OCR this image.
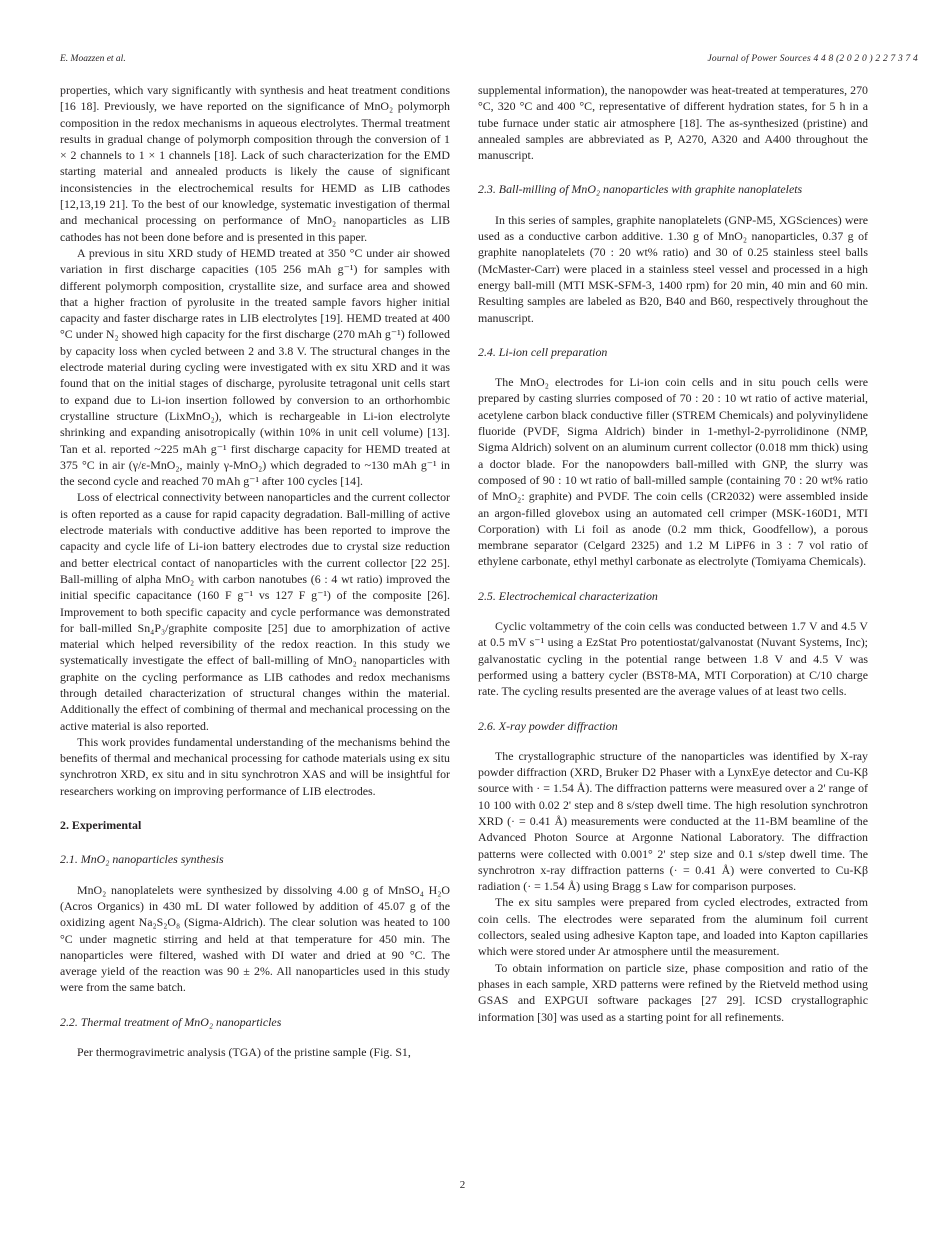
E. Moazzen et al.	Journal of Power Sources 4 4 8 (2 0 2 0 ) 2 2 7 3 7 4

properties, which vary significantly with synthesis and heat treatment conditions [16 18]. Previously, we have reported on the significance of MnO₂ polymorph composition in the redox mechanisms in aqueous electrolytes. Thermal treatment results in gradual change of polymorph composition through the conversion of 1 × 2 channels to 1 × 1 channels [18]. Lack of such characterization for the EMD starting material and annealed products is likely the cause of significant inconsistencies in the electrochemical results for HEMD as LIB cathodes [12,13,19 21]. To the best of our knowledge, systematic investigation of thermal and mechanical processing on performance of MnO₂ nanoparticles as LIB cathodes has not been done before and is presented in this paper.

A previous in situ XRD study of HEMD treated at 350 °C under air showed variation in first discharge capacities (105 256 mAh g⁻¹) for samples with different polymorph composition, crystallite size, and surface area and showed that a higher fraction of pyrolusite in the treated sample favors higher initial capacity and faster discharge rates in LIB electrolytes [19]. HEMD treated at 400 °C under N₂ showed high capacity for the first discharge (270 mAh g⁻¹) followed by capacity loss when cycled between 2 and 3.8 V. The structural changes in the electrode material during cycling were investigated with ex situ XRD and it was found that on the initial stages of discharge, pyrolusite tetragonal unit cells start to expand due to Li-ion insertion followed by conversion to an orthorhombic crystalline structure (LixMnO₂), which is rechargeable in Li-ion electrolyte shrinking and expanding anisotropically (within 10% in unit cell volume) [13]. Tan et al. reported ~225 mAh g⁻¹ first discharge capacity for HEMD treated at 375 °C in air (γ/ε-MnO₂, mainly γ-MnO₂) which degraded to ~130 mAh g⁻¹ in the second cycle and reached 70 mAh g⁻¹ after 100 cycles [14].

Loss of electrical connectivity between nanoparticles and the current collector is often reported as a cause for rapid capacity degradation. Ball-milling of active electrode materials with conductive additive has been reported to improve the capacity and cycle life of Li-ion battery electrodes due to crystal size reduction and better electrical contact of nanoparticles with the current collector [22 25]. Ball-milling of alpha MnO₂ with carbon nanotubes (6 : 4 wt ratio) improved the initial specific capacitance (160 F g⁻¹ vs 127 F g⁻¹) of the composite [26]. Improvement to both specific capacity and cycle performance was demonstrated for ball-milled Sn₄P₃/graphite composite [25] due to amorphization of active material which helped reversibility of the redox reaction. In this study we systematically investigate the effect of ball-milling of MnO₂ nanoparticles with graphite on the cycling performance as LIB cathodes and redox mechanisms through detailed characterization of structural changes within the material. Additionally the effect of combining of thermal and mechanical processing on the active material is also reported.

This work provides fundamental understanding of the mechanisms behind the benefits of thermal and mechanical processing for cathode materials using ex situ synchrotron XRD, ex situ and in situ synchrotron XAS and will be insightful for researchers working on improving performance of LIB electrodes.

2. Experimental
2.1. MnO₂ nanoparticles synthesis

MnO₂ nanoplatelets were synthesized by dissolving 4.00 g of MnSO₄ H₂O (Acros Organics) in 430 mL DI water followed by addition of 45.07 g of the oxidizing agent Na₂S₂O₈ (Sigma-Aldrich). The clear solution was heated to 100 °C under magnetic stirring and held at that temperature for 450 min. The nanoparticles were filtered, washed with DI water and dried at 90 °C. The average yield of the reaction was 90 ± 2%. All nanoparticles used in this study were from the same batch.

2.2. Thermal treatment of MnO₂ nanoparticles

Per thermogravimetric analysis (TGA) of the pristine sample (Fig. S1,

supplemental information), the nanopowder was heat-treated at temperatures, 270 °C, 320 °C and 400 °C, representative of different hydration states, for 5 h in a tube furnace under static air atmosphere [18]. The as-synthesized (pristine) and annealed samples are abbreviated as P, A270, A320 and A400 throughout the manuscript.

2.3. Ball-milling of MnO₂ nanoparticles with graphite nanoplatelets

In this series of samples, graphite nanoplatelets (GNP-M5, XGSciences) were used as a conductive carbon additive. 1.30 g of MnO₂ nanoparticles, 0.37 g of graphite nanoplatelets (70 : 20 wt% ratio) and 30 of 0.25 stainless steel balls (McMaster-Carr) were placed in a stainless steel vessel and processed in a high energy ball-mill (MTI MSK-SFM-3, 1400 rpm) for 20 min, 40 min and 60 min. Resulting samples are labeled as B20, B40 and B60, respectively throughout the manuscript.

2.4. Li-ion cell preparation

The MnO₂ electrodes for Li-ion coin cells and in situ pouch cells were prepared by casting slurries composed of 70 : 20 : 10 wt ratio of active material, acetylene carbon black conductive filler (STREM Chemicals) and polyvinylidene fluoride (PVDF, Sigma Aldrich) binder in 1-methyl-2-pyrrolidinone (NMP, Sigma Aldrich) solvent on an aluminum current collector (0.018 mm thick) using a doctor blade. For the nanopowders ball-milled with GNP, the slurry was composed of 90 : 10 wt ratio of ball-milled sample (containing 70 : 20 wt% ratio of MnO₂: graphite) and PVDF. The coin cells (CR2032) were assembled inside an argon-filled glovebox using an automated cell crimper (MSK-160D1, MTI Corporation) with Li foil as anode (0.2 mm thick, Goodfellow), a porous membrane separator (Celgard 2325) and 1.2 M LiPF6 in 3 : 7 vol ratio of ethylene carbonate, ethyl methyl carbonate as electrolyte (Tomiyama Chemicals).

2.5. Electrochemical characterization

Cyclic voltammetry of the coin cells was conducted between 1.7 V and 4.5 V at 0.5 mV s⁻¹ using a EzStat Pro potentiostat/galvanostat (Nuvant Systems, Inc); galvanostatic cycling in the potential range between 1.8 V and 4.5 V was performed using a battery cycler (BST8-MA, MTI Corporation) at C/10 charge rate. The cycling results presented are the average values of at least two cells.

2.6. X-ray powder diffraction

The crystallographic structure of the nanoparticles was identified by X-ray powder diffraction (XRD, Bruker D2 Phaser with a LynxEye detector and Cu-Kβ source with · = 1.54 Å). The diffraction patterns were measured over a 2' range of 10 100 with 0.02 2' step and 8 s/step dwell time. The high resolution synchrotron XRD (· = 0.41 Å) measurements were conducted at the 11-BM beamline of the Advanced Photon Source at Argonne National Laboratory. The diffraction patterns were collected with 0.001° 2' step size and 0.1 s/step dwell time. The synchrotron x-ray diffraction patterns (· = 0.41 Å) were converted to Cu-Kβ radiation (· = 1.54 Å) using Bragg s Law for comparison purposes.

The ex situ samples were prepared from cycled electrodes, extracted from coin cells. The electrodes were separated from the aluminum foil current collectors, sealed using adhesive Kapton tape, and loaded into Kapton capillaries which were stored under Ar atmosphere until the measurement.

To obtain information on particle size, phase composition and ratio of the phases in each sample, XRD patterns were refined by the Rietveld method using GSAS and EXPGUI software packages [27 29]. ICSD crystallographic information [30] was used as a starting point for all refinements.

2
